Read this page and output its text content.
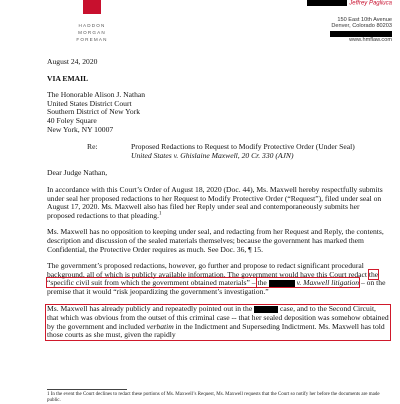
HADDON
MORGAN
FOREMAN
Jeffrey Pagliuca
150 East 10th Avenue
Denver, Colorado 80203
www.hmflaw.com

August 24, 2020

VIA EMAIL

The Honorable Alison J. Nathan

United States District Court

Southern District of New York

40 Foley Square

New York, NY 10007

Re:	Proposed Redactions to Request to Modify Protective Order (Under Seal)
United States v. Ghislaine Maxwell, 20 Cr. 330 (AJN)

Dear Judge Nathan,

In accordance with this Court’s Order of August 18, 2020 (Doc. 44), Ms. Maxwell hereby respectfully submits under seal her proposed redactions to her Request to Modify Protective Order (“Request”), filed under seal on August 17, 2020. Ms. Maxwell also has filed her Reply under seal and contemporaneously submits her proposed redactions to that pleading.$^1$

Ms. Maxwell has no opposition to keeping under seal, and redacting from her Request and Reply, the contents, description and discussion of the sealed materials themselves; because the government has marked them Confidential, the Protective Order requires as much. See Doc. 36, ¶ 15.

The government’s proposed redactions, however, go further and propose to redact significant procedural background, all of which is publicly available information. The government would have this Court redact the “specific civil suit from which the government obtained materials” – the	v. Maxwell litigation – on the premise that it would “risk jeopardizing the government’s investigation.”

Ms. Maxwell has already publicly and repeatedly pointed out in the	case, and to the Second Circuit, that which was obvious from the outset of this criminal case -- that her sealed deposition was somehow obtained by the government and included verbatim in the Indictment and Superseding Indictment. Ms. Maxwell has told those courts as she must, given the rapidly

1 In the event the Court declines to redact these portions of Ms. Maxwell’s Request, Ms. Maxwell requests that the Court so notify her before the documents are made public.
